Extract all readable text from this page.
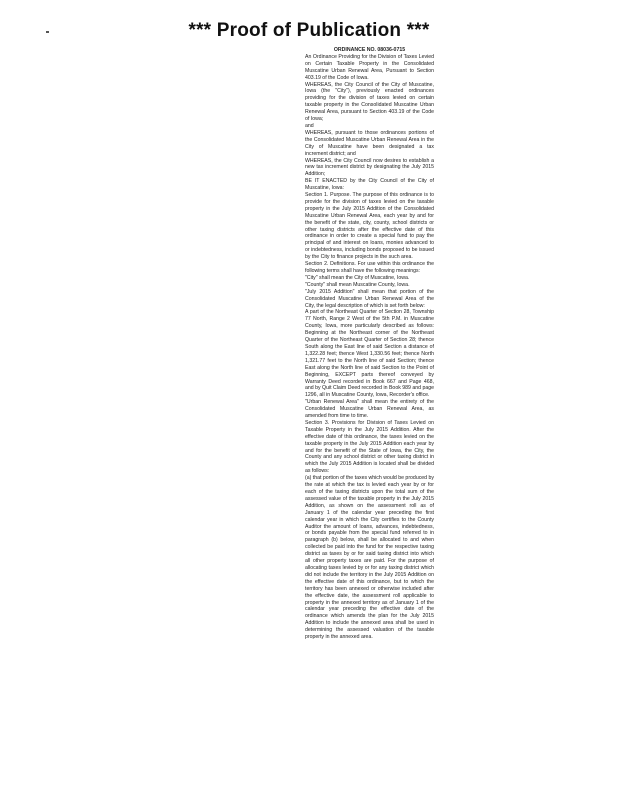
*** Proof of Publication ***

ORDINANCE NO. 08036-0715

An Ordinance Providing for the Division of Taxes Levied on Certain Taxable Property in the Consolidated Muscatine Urban Renewal Area, Pursuant to Section 403.19 of the Code of Iowa.

WHEREAS, the City Council of the City of Muscatine, Iowa (the "City"), previously enacted ordinances providing for the division of taxes levied on certain taxable property in the Consolidated Muscatine Urban Renewal Area, pursuant to Section 403.19 of the Code of Iowa;

and

WHEREAS, pursuant to those ordinances portions of the Consolidated Muscatine Urban Renewal Area in the City of Muscatine have been designated a tax increment district; and

WHEREAS, the City Council now desires to establish a new tax increment district by designating the July 2015 Addition;

BE IT ENACTED by the City Council of the City of Muscatine, Iowa:

Section 1. Purpose. The purpose of this ordinance is to provide for the division of taxes levied on the taxable property in the July 2015 Addition of the Consolidated Muscatine Urban Renewal Area, each year by and for the benefit of the state, city, county, school districts or other taxing districts after the effective date of this ordinance in order to create a special fund to pay the principal of and interest on loans, monies advanced to or indebtedness, including bonds proposed to be issued by the City to finance projects in the such area.

Section 2. Definitions. For use within this ordinance the following terms shall have the following meanings:

"City" shall mean the City of Muscatine, Iowa.

"County" shall mean Muscatine County, Iowa.

"July 2015 Addition" shall mean that portion of the Consolidated Muscatine Urban Renewal Area of the City, the legal description of which is set forth below:

A part of the Northeast Quarter of Section 28, Township 77 North, Range 2 West of the 5th P.M. in Muscatine County, Iowa, more particularly described as follows: Beginning at the Northeast corner of the Northeast Quarter of the Northeast Quarter of Section 28; thence South along the East line of said Section a distance of 1,322.28 feet; thence West 1,330.56 feet; thence North 1,321.77 feet to the North line of said Section; thence East along the North line of said Section to the Point of Beginning, EXCEPT parts thereof conveyed by Warranty Deed recorded in Book 667 and Page 468, and by Quit Claim Deed recorded in Book 989 and page 1296, all in Muscatine County, Iowa, Recorder's office.

"Urban Renewal Area" shall mean the entirety of the Consolidated Muscatine Urban Renewal Area, as amended from time to time.

Section 3. Provisions for Division of Taxes Levied on Taxable Property in the July 2015 Addition. After the effective date of this ordinance, the taxes levied on the taxable property in the July 2015 Addition each year by and for the benefit of the State of Iowa, the City, the County and any school district or other taxing district in which the July 2015 Addition is located shall be divided as follows:

(a) that portion of the taxes which would be produced by the rate at which the tax is levied each year by or for each of the taxing districts upon the total sum of the assessed value of the taxable property in the July 2015 Addition, as shown on the assessment roll as of January 1 of the calendar year preceding the first calendar year in which the City certifies to the County Auditor the amount of loans, advances, indebtedness, or bonds payable from the special fund referred to in paragraph (b) below, shall be allocated to and when collected be paid into the fund for the respective taxing district as taxes by or for said taxing district into which all other property taxes are paid. For the purpose of allocating taxes levied by or for any taxing district which did not include the territory in the July 2015 Addition on the effective date of this ordinance, but to which the territory has been annexed or otherwise included after the effective date, the assessment roll applicable to property in the annexed territory as of January 1 of the calendar year preceding the effective date of the ordinance which amends the plan for the July 2015 Addition to include the annexed area shall be used in determining the assessed valuation of the taxable property in the annexed area.
